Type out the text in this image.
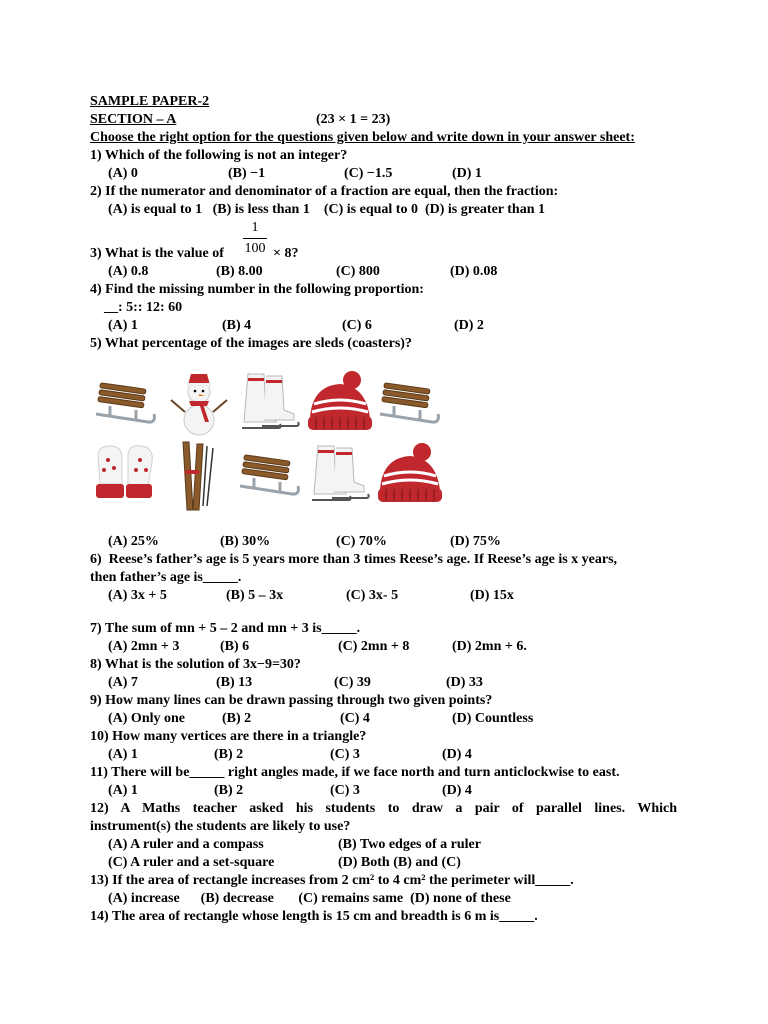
SAMPLE PAPER-2
SECTION – A	(23 × 1 = 23)
Choose the right option for the questions given below and write down in your answer sheet:
1) Which of the following is not an integer?
(A) 0	(B) −1	(C) −1.5	(D) 1
2) If the numerator and denominator of a fraction are equal, then the fraction:
(A) is equal to 1   (B) is less than 1    (C) is equal to 0  (D) is greater than 1
1
100
3) What is the value of	× 8?
(A) 0.8	(B) 8.00	(C) 800	(D) 0.08
4) Find the missing number in the following proportion:
__: 5:: 12: 60
(A) 1	(B) 4	(C) 6	(D) 2
5) What percentage of the images are sleds (coasters)?
(A) 25%	(B) 30%	(C) 70%	(D) 75%
6)  Reese’s father’s age is 5 years more than 3 times Reese’s age. If Reese’s age is x years,
then father’s age is_____.
(A) 3x + 5	(B) 5 – 3x	(C) 3x- 5	(D) 15x
7) The sum of mn + 5 – 2 and mn + 3 is_____.
(A) 2mn + 3	(B) 6	(C) 2mn + 8	(D) 2mn + 6.
8) What is the solution of 3x−9=30?
(A) 7	(B) 13	(C) 39	(D) 33
9) How many lines can be drawn passing through two given points?
(A) Only one	(B) 2	(C) 4	(D) Countless
10) How many vertices are there in a triangle?
(A) 1	(B) 2	(C) 3	(D) 4
11) There will be_____ right angles made, if we face north and turn anticlockwise to east.
(A) 1	(B) 2	(C) 3	(D) 4
12) A Maths teacher asked his students to draw a pair of parallel lines. Which
instrument(s) the students are likely to use?
(A) A ruler and a compass	(B) Two edges of a ruler
(C) A ruler and a set-square	(D) Both (B) and (C)
13) If the area of rectangle increases from 2 cm² to 4 cm² the perimeter will_____.
(A) increase      (B) decrease       (C) remains same  (D) none of these
14) The area of rectangle whose length is 15 cm and breadth is 6 m is_____.
